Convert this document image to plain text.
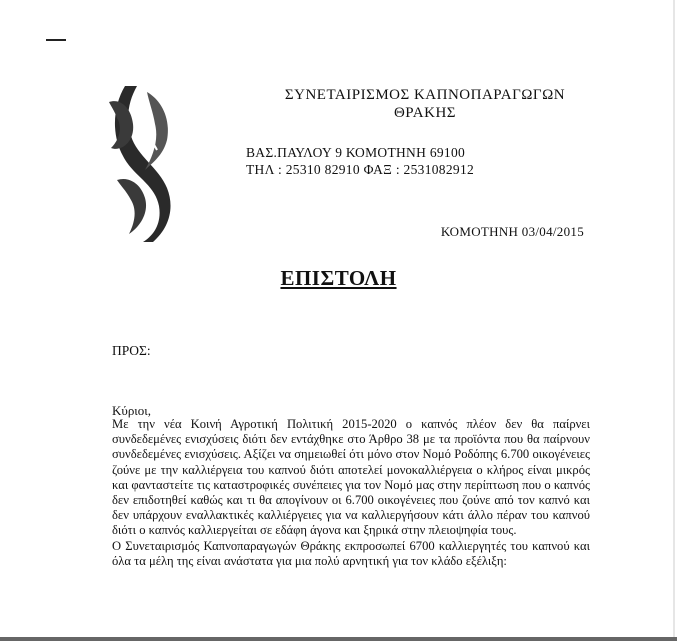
ΣΥΝΕΤΑΙΡΙΣΜΟΣ ΚΑΠΝΟΠΑΡΑΓΩΓΩΝ
ΘΡΑΚΗΣ
ΒΑΣ.ΠΑΥΛΟΥ 9 ΚΟΜΟΤΗΝΗ 69100
ΤΗΛ : 25310 82910 ΦΑΞ : 2531082912
ΚΟΜΟΤΗΝΗ 03/04/2015
ΕΠΙΣΤΟΛΗ
ΠΡΟΣ:
Κύριοι,

Με την νέα Κοινή Αγροτική Πολιτική 2015-2020 ο καπνός πλέον δεν θα παίρνει συνδεδεμένες ενισχύσεις διότι δεν εντάχθηκε στο Άρθρο 38 με τα προϊόντα που θα παίρνουν συνδεδεμένες ενισχύσεις. Αξίζει να σημειωθεί ότι μόνο στον Νομό Ροδόπης 6.700 οικογένειες ζούνε με την καλλιέργεια του καπνού διότι αποτελεί μονοκαλλιέργεια ο κλήρος είναι μικρός και φανταστείτε τις καταστροφικές συνέπειες για τον Νομό μας στην περίπτωση που ο καπνός δεν επιδοτηθεί καθώς και τι θα απογίνουν οι 6.700 οικογένειες που ζούνε από τον καπνό και δεν υπάρχουν εναλλακτικές καλλιέργειες για να καλλιεργήσουν κάτι άλλο πέραν του καπνού διότι ο καπνός καλλιεργείται σε εδάφη άγονα και ξηρικά στην πλειοψηφία τους.

Ο Συνεταιρισμός Καπνοπαραγωγών Θράκης εκπροσωπεί 6700 καλλιεργητές του καπνού και όλα τα μέλη της είναι ανάστατα για μια πολύ αρνητική για τον κλάδο εξέλιξη:
